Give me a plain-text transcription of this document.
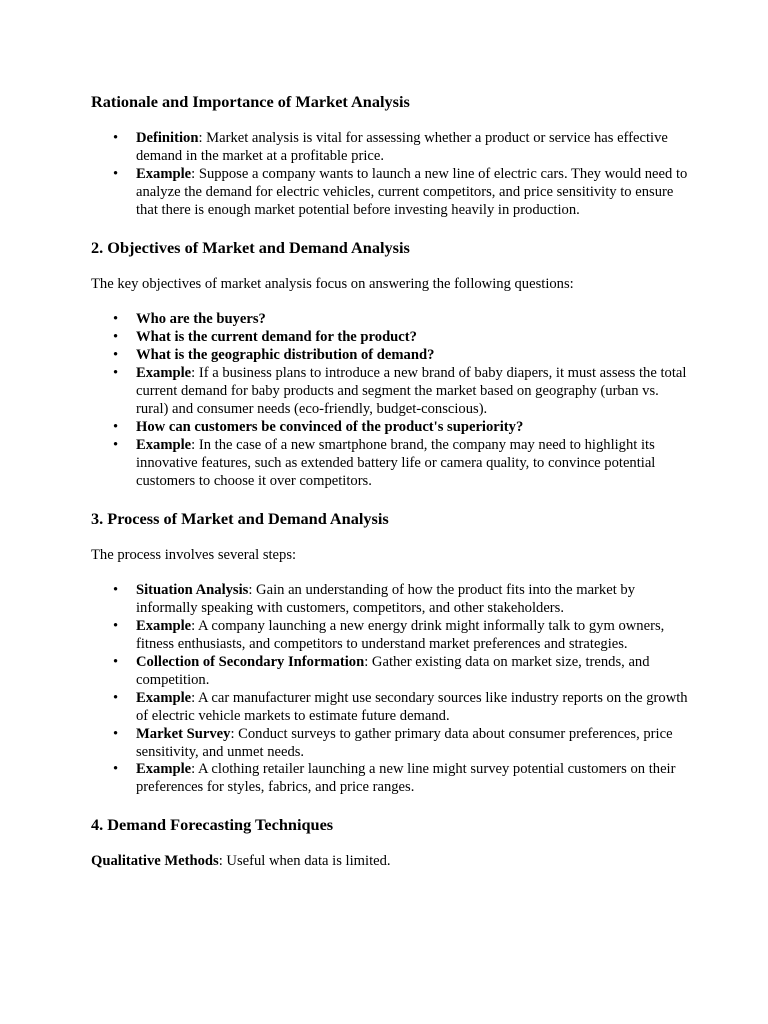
Rationale and Importance of Market Analysis
• Definition: Market analysis is vital for assessing whether a product or service has effective demand in the market at a profitable price.
• Example: Suppose a company wants to launch a new line of electric cars. They would need to analyze the demand for electric vehicles, current competitors, and price sensitivity to ensure that there is enough market potential before investing heavily in production.
2. Objectives of Market and Demand Analysis

The key objectives of market analysis focus on answering the following questions:

• Who are the buyers?
• What is the current demand for the product?
• What is the geographic distribution of demand?
• Example: If a business plans to introduce a new brand of baby diapers, it must assess the total current demand for baby products and segment the market based on geography (urban vs. rural) and consumer needs (eco-friendly, budget-conscious).
• How can customers be convinced of the product's superiority?
• Example: In the case of a new smartphone brand, the company may need to highlight its innovative features, such as extended battery life or camera quality, to convince potential customers to choose it over competitors.
3. Process of Market and Demand Analysis

The process involves several steps:

• Situation Analysis: Gain an understanding of how the product fits into the market by informally speaking with customers, competitors, and other stakeholders.
• Example: A company launching a new energy drink might informally talk to gym owners, fitness enthusiasts, and competitors to understand market preferences and strategies.
• Collection of Secondary Information: Gather existing data on market size, trends, and competition.
• Example: A car manufacturer might use secondary sources like industry reports on the growth of electric vehicle markets to estimate future demand.
• Market Survey: Conduct surveys to gather primary data about consumer preferences, price sensitivity, and unmet needs.
• Example: A clothing retailer launching a new line might survey potential customers on their preferences for styles, fabrics, and price ranges.
4. Demand Forecasting Techniques

Qualitative Methods: Useful when data is limited.
